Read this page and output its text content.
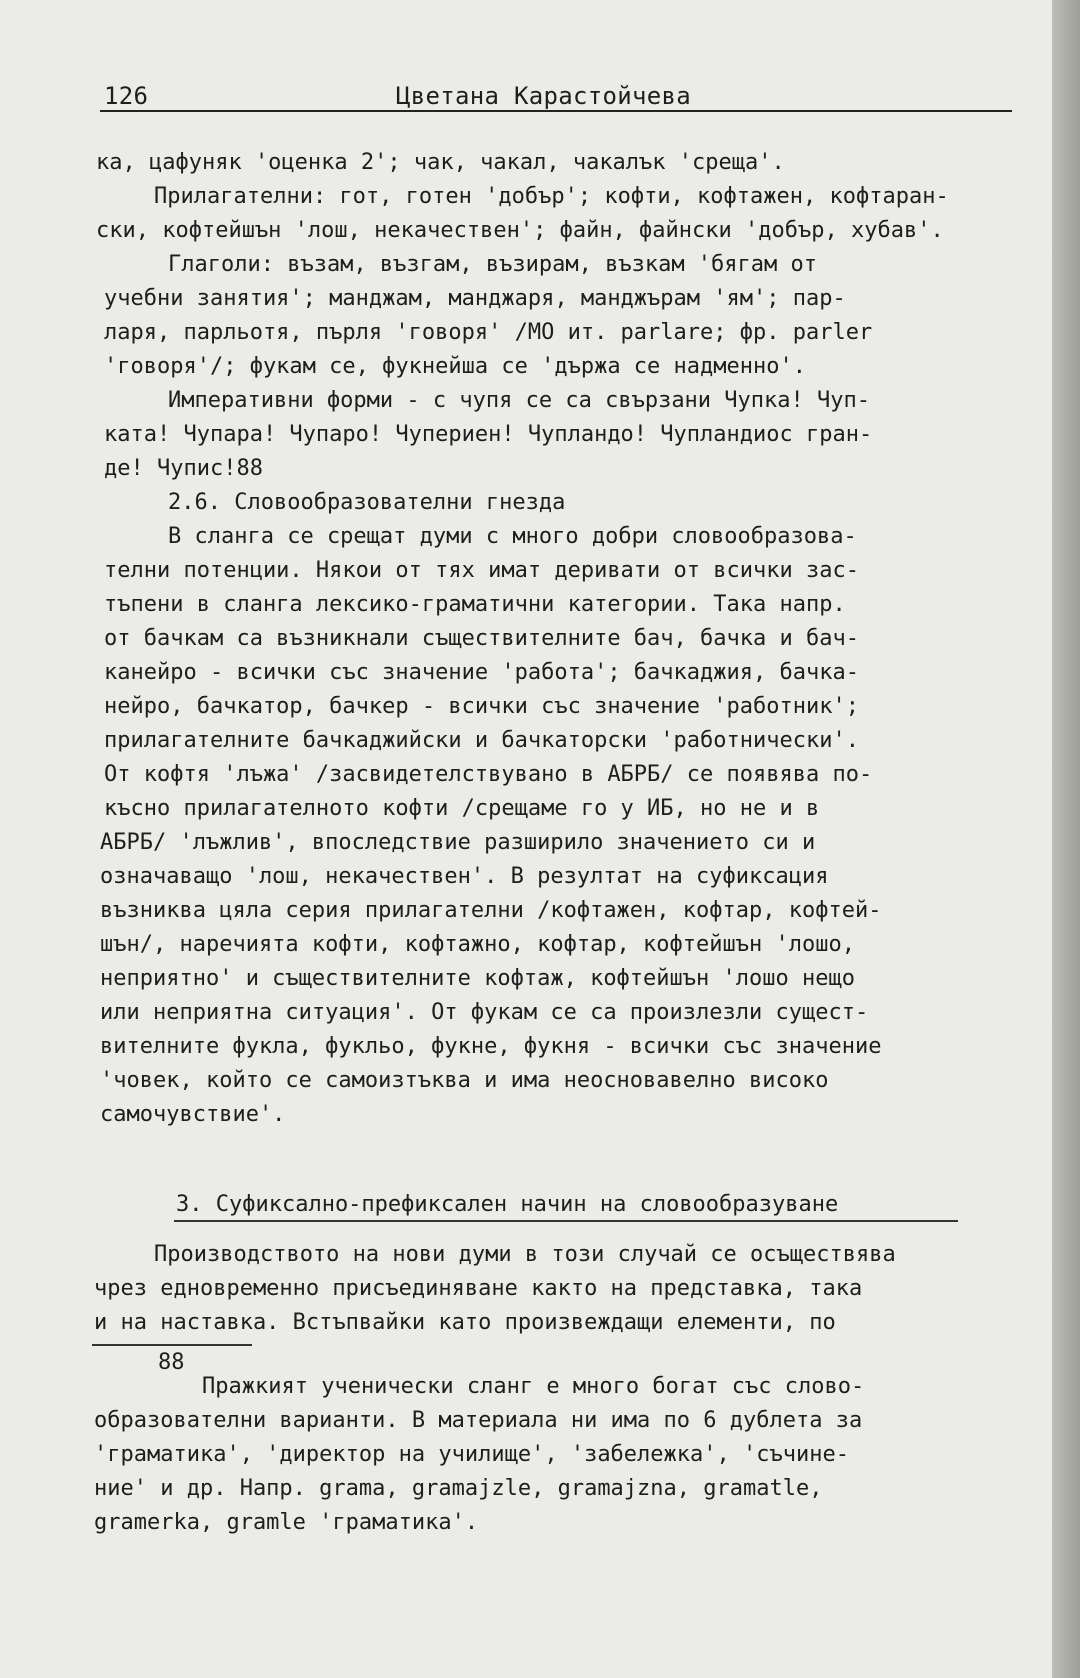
126	Цветана Карастойчева
ка, цафуняк 'оценка 2'; чак, чакал, чакалък 'среща'.
Прилагателни: гот, готен 'добър'; кофти, кофтажен, кофтаран-
ски, кофтейшън 'лош, некачествен'; файн, файнски 'добър, хубав'.
Глаголи: възам, възгам, възирам, възкам 'бягам от
учебни занятия'; манджам, манджаря, манджърам 'ям'; пар-
ларя, парльотя, пърля 'говоря' /МО ит. parlare; фр. parler
'говоря'/; фукам се, фукнейша се 'държа се надменно'.
Императивни форми - с чупя се са свързани Чупка! Чуп-
ката! Чупара! Чупаро! Чупериен! Чупландо! Чупландиос гран-
де! Чупис!88
2.6. Словообразователни гнезда
В сланга се срещат думи с много добри словообразова-
телни потенции. Някои от тях имат деривати от всички зас-
тъпени в сланга лексико-граматични категории. Така напр.
от бачкам са възникнали съществителните бач, бачка и бач-
канейро - всички със значение 'работа'; бачкаджия, бачка-
нейро, бачкатор, бачкер - всички със значение 'работник';
прилагателните бачкаджийски и бачкаторски 'работнически'.
От кофтя 'лъжа' /засвидетелствувано в АБРБ/ се появява по-
късно прилагателното кофти /срещаме го у ИБ, но не и в
АБРБ/ 'лъжлив', впоследствие разширило значението си и
означаващо 'лош, некачествен'. В резултат на суфиксация
възниква цяла серия прилагателни /кофтажен, кофтар, кофтей-
шън/, наречията кофти, кофтажно, кофтар, кофтейшън 'лошо,
неприятно' и съществителните кофтаж, кофтейшън 'лошо нещо
или неприятна ситуация'. От фукам се са произлезли сущест-
вителните фукла, фукльо, фукне, фукня - всички със значение
'човек, който се самоизтъква и има неосновавелно високо
самочувствие'.
3. Суфиксално-префиксален начин на словообразуване
Производството на нови думи в този случай се осъществява
чрез едновременно присъединяване както на представка, така
и на наставка. Встъпвайки като произвеждащи елементи, по
88
Пражкият ученически сланг е много богат със слово-
образователни варианти. В материала ни има по 6 дублета за
'граматика', 'директор на училище', 'забележка', 'съчине-
ние' и др. Напр. grama, gramajzle, gramajzna, gramatle,
gramerka, gramle 'граматика'.
